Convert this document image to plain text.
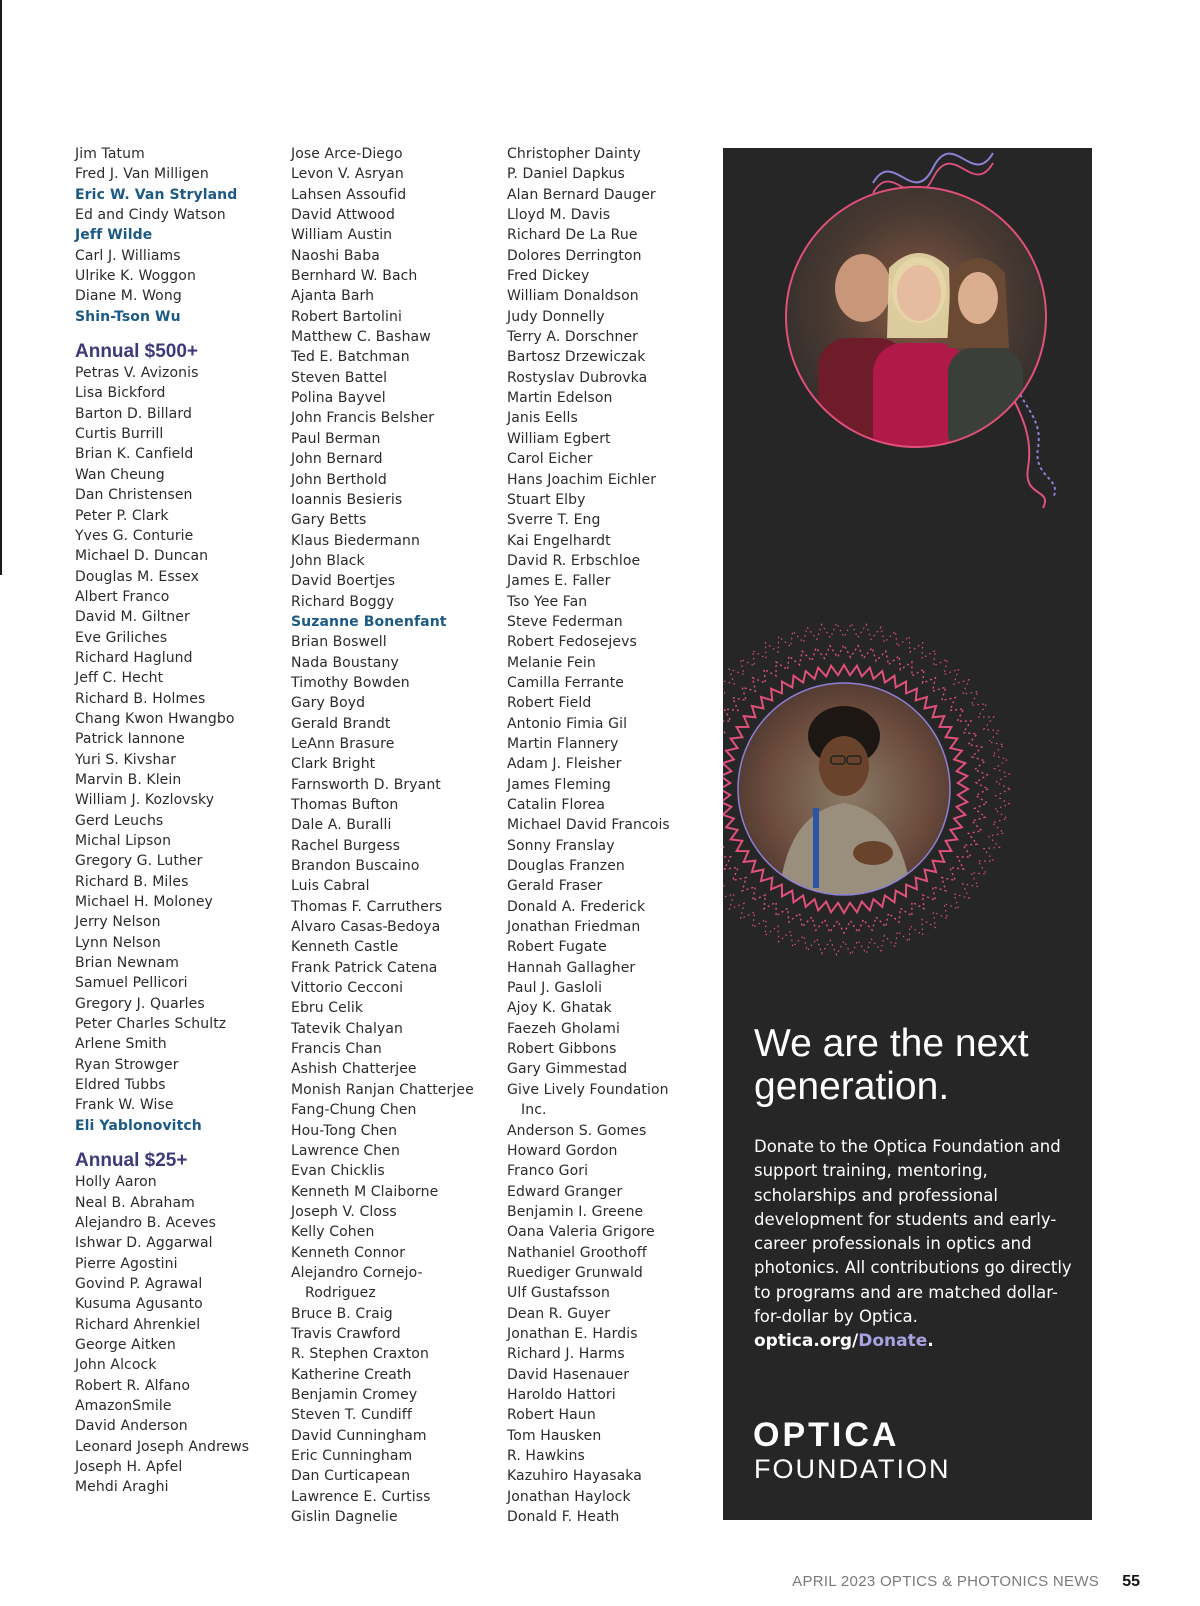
Jim Tatum
Fred J. Van Milligen
Eric W. Van Stryland
Ed and Cindy Watson
Jeff Wilde
Carl J. Williams
Ulrike K. Woggon
Diane M. Wong
Shin-Tson Wu
Annual $500+
Petras V. Avizonis
Lisa Bickford
Barton D. Billard
Curtis Burrill
Brian K. Canfield
Wan Cheung
Dan Christensen
Peter P. Clark
Yves G. Conturie
Michael D. Duncan
Douglas M. Essex
Albert Franco
David M. Giltner
Eve Griliches
Richard Haglund
Jeff C. Hecht
Richard B. Holmes
Chang Kwon Hwangbo
Patrick Iannone
Yuri S. Kivshar
Marvin B. Klein
William J. Kozlovsky
Gerd Leuchs
Michal Lipson
Gregory G. Luther
Richard B. Miles
Michael H. Moloney
Jerry Nelson
Lynn Nelson
Brian Newnam
Samuel Pellicori
Gregory J. Quarles
Peter Charles Schultz
Arlene Smith
Ryan Strowger
Eldred Tubbs
Frank W. Wise
Eli Yablonovitch
Annual $25+
Holly Aaron
Neal B. Abraham
Alejandro B. Aceves
Ishwar D. Aggarwal
Pierre Agostini
Govind P. Agrawal
Kusuma Agusanto
Richard Ahrenkiel
George Aitken
John Alcock
Robert R. Alfano
AmazonSmile
David Anderson
Leonard Joseph Andrews
Joseph H. Apfel
Mehdi Araghi
Jose Arce-Diego
Levon V. Asryan
Lahsen Assoufid
David Attwood
William Austin
Naoshi Baba
Bernhard W. Bach
Ajanta Barh
Robert Bartolini
Matthew C. Bashaw
Ted E. Batchman
Steven Battel
Polina Bayvel
John Francis Belsher
Paul Berman
John Bernard
John Berthold
Ioannis Besieris
Gary Betts
Klaus Biedermann
John Black
David Boertjes
Richard Boggy
Suzanne Bonenfant
Brian Boswell
Nada Boustany
Timothy Bowden
Gary Boyd
Gerald Brandt
LeAnn Brasure
Clark Bright
Farnsworth D. Bryant
Thomas Bufton
Dale A. Buralli
Rachel Burgess
Brandon Buscaino
Luis Cabral
Thomas F. Carruthers
Alvaro Casas-Bedoya
Kenneth Castle
Frank Patrick Catena
Vittorio Cecconi
Ebru Celik
Tatevik Chalyan
Francis Chan
Ashish Chatterjee
Monish Ranjan Chatterjee
Fang-Chung Chen
Hou-Tong Chen
Lawrence Chen
Evan Chicklis
Kenneth M Claiborne
Joseph V. Closs
Kelly Cohen
Kenneth Connor
Alejandro Cornejo-
Rodriguez
Bruce B. Craig
Travis Crawford
R. Stephen Craxton
Katherine Creath
Benjamin Cromey
Steven T. Cundiff
David Cunningham
Eric Cunningham
Dan Curticapean
Lawrence E. Curtiss
Gislin Dagnelie
Christopher Dainty
P. Daniel Dapkus
Alan Bernard Dauger
Lloyd M. Davis
Richard De La Rue
Dolores Derrington
Fred Dickey
William Donaldson
Judy Donnelly
Terry A. Dorschner
Bartosz Drzewiczak
Rostyslav Dubrovka
Martin Edelson
Janis Eells
William Egbert
Carol Eicher
Hans Joachim Eichler
Stuart Elby
Sverre T. Eng
Kai Engelhardt
David R. Erbschloe
James E. Faller
Tso Yee Fan
Steve Federman
Robert Fedosejevs
Melanie Fein
Camilla Ferrante
Robert Field
Antonio Fimia Gil
Martin Flannery
Adam J. Fleisher
James Fleming
Catalin Florea
Michael David Francois
Sonny Franslay
Douglas Franzen
Gerald Fraser
Donald A. Frederick
Jonathan Friedman
Robert Fugate
Hannah Gallagher
Paul J. Gasloli
Ajoy K. Ghatak
Faezeh Gholami
Robert Gibbons
Gary Gimmestad
Give Lively Foundation
Inc.
Anderson S. Gomes
Howard Gordon
Franco Gori
Edward Granger
Benjamin I. Greene
Oana Valeria Grigore
Nathaniel Groothoff
Ruediger Grunwald
Ulf Gustafsson
Dean R. Guyer
Jonathan E. Hardis
Richard J. Harms
David Hasenauer
Haroldo Hattori
Robert Haun
Tom Hausken
R. Hawkins
Kazuhiro Hayasaka
Jonathan Haylock
Donald F. Heath
We are the next generation.

Donate to the Optica Foundation and support training, mentoring, scholarships and professional development for students and early-career professionals in optics and photonics. All contributions go directly to programs and are matched dollar-for-dollar by Optica.

optica.org/Donate.
OPTICA
FOUNDATION
APRIL 2023 OPTICS & PHOTONICS NEWS 55
